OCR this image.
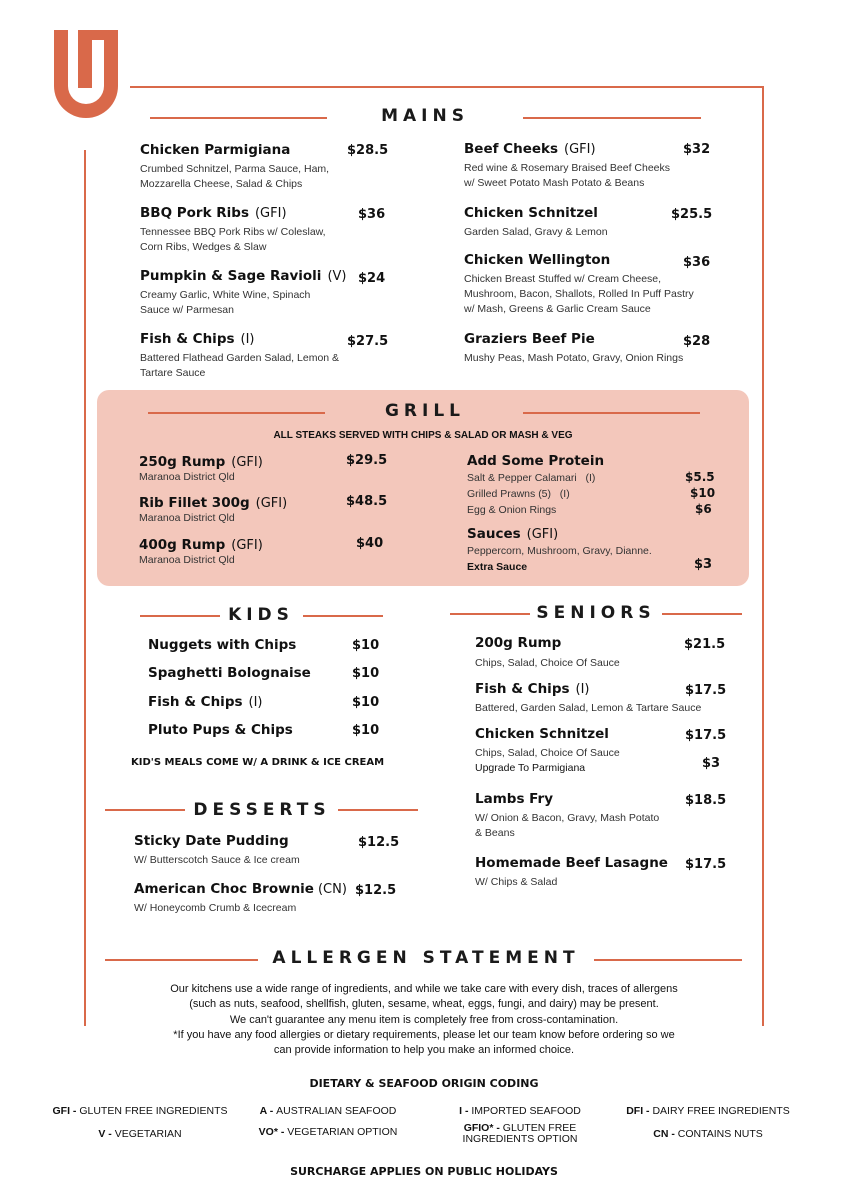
MAINS
Chicken Parmigiana
Crumbed Schnitzel, Parma Sauce, Ham,
Mozzarella Cheese, Salad & Chips
$28.5
BBQ Pork Ribs (GFI)
Tennessee BBQ Pork Ribs w/ Coleslaw,
Corn Ribs, Wedges & Slaw
$36
Pumpkin & Sage Ravioli (V)
Creamy Garlic, White Wine, Spinach
Sauce w/ Parmesan
$24
Fish & Chips (I)
Battered Flathead Garden Salad, Lemon &
Tartare Sauce
$27.5
Beef Cheeks (GFI)
Red wine & Rosemary Braised Beef Cheeks
w/ Sweet Potato Mash Potato & Beans
$32
Chicken Schnitzel
Garden Salad, Gravy & Lemon
$25.5
Chicken Wellington
Chicken Breast Stuffed w/ Cream Cheese,
Mushroom, Bacon, Shallots, Rolled In Puff Pastry
w/ Mash, Greens & Garlic Cream Sauce
$36
Graziers Beef Pie
Mushy Peas, Mash Potato, Gravy, Onion Rings
$28
GRILL
ALL STEAKS SERVED WITH CHIPS & SALAD OR MASH & VEG
250g Rump (GFI)
Maranoa District Qld
$29.5
Rib Fillet 300g (GFI)
Maranoa District Qld
$48.5
400g Rump (GFI)
Maranoa District Qld
$40
Add Some Protein
Salt & Pepper Calamari (I)	$5.5
Grilled Prawns (5) (I)	$10
Egg & Onion Rings	$6
Sauces (GFI)
Peppercorn, Mushroom, Gravy, Dianne.
Extra Sauce	$3
KIDS
Nuggets with Chips	$10
Spaghetti Bolognaise	$10
Fish & Chips (I)	$10
Pluto Pups & Chips	$10
KID'S MEALS COME W/ A DRINK & ICE CREAM
DESSERTS
Sticky Date Pudding
W/ Butterscotch Sauce & Ice cream
$12.5
American Choc Brownie (CN)
W/ Honeycomb Crumb & Icecream
$12.5
SENIORS
200g Rump
Chips, Salad, Choice Of Sauce
$21.5
Fish & Chips (I)
Battered, Garden Salad, Lemon & Tartare Sauce
$17.5
Chicken Schnitzel
Chips, Salad, Choice Of Sauce
Upgrade To Parmigiana
$17.5
$3
Lambs Fry
W/ Onion & Bacon, Gravy, Mash Potato
& Beans
$18.5
Homemade Beef Lasagne
W/ Chips & Salad
$17.5
ALLERGEN STATEMENT
Our kitchens use a wide range of ingredients, and while we take care with every dish, traces of allergens
(such as nuts, seafood, shellfish, gluten, sesame, wheat, eggs, fungi, and dairy) may be present.
We can't guarantee any menu item is completely free from cross-contamination.
*If you have any food allergies or dietary requirements, please let our team know before ordering so we
can provide information to help you make an informed choice.
DIETARY & SEAFOOD ORIGIN CODING
GFI - GLUTEN FREE INGREDIENTS	A - AUSTRALIAN SEAFOOD	I - IMPORTED SEAFOOD	DFI - DAIRY FREE INGREDIENTS
V - VEGETARIAN	VO* - VEGETARIAN OPTION	GFIO* - GLUTEN FREE
INGREDIENTS OPTION	CN - CONTAINS NUTS
SURCHARGE APPLIES ON PUBLIC HOLIDAYS
